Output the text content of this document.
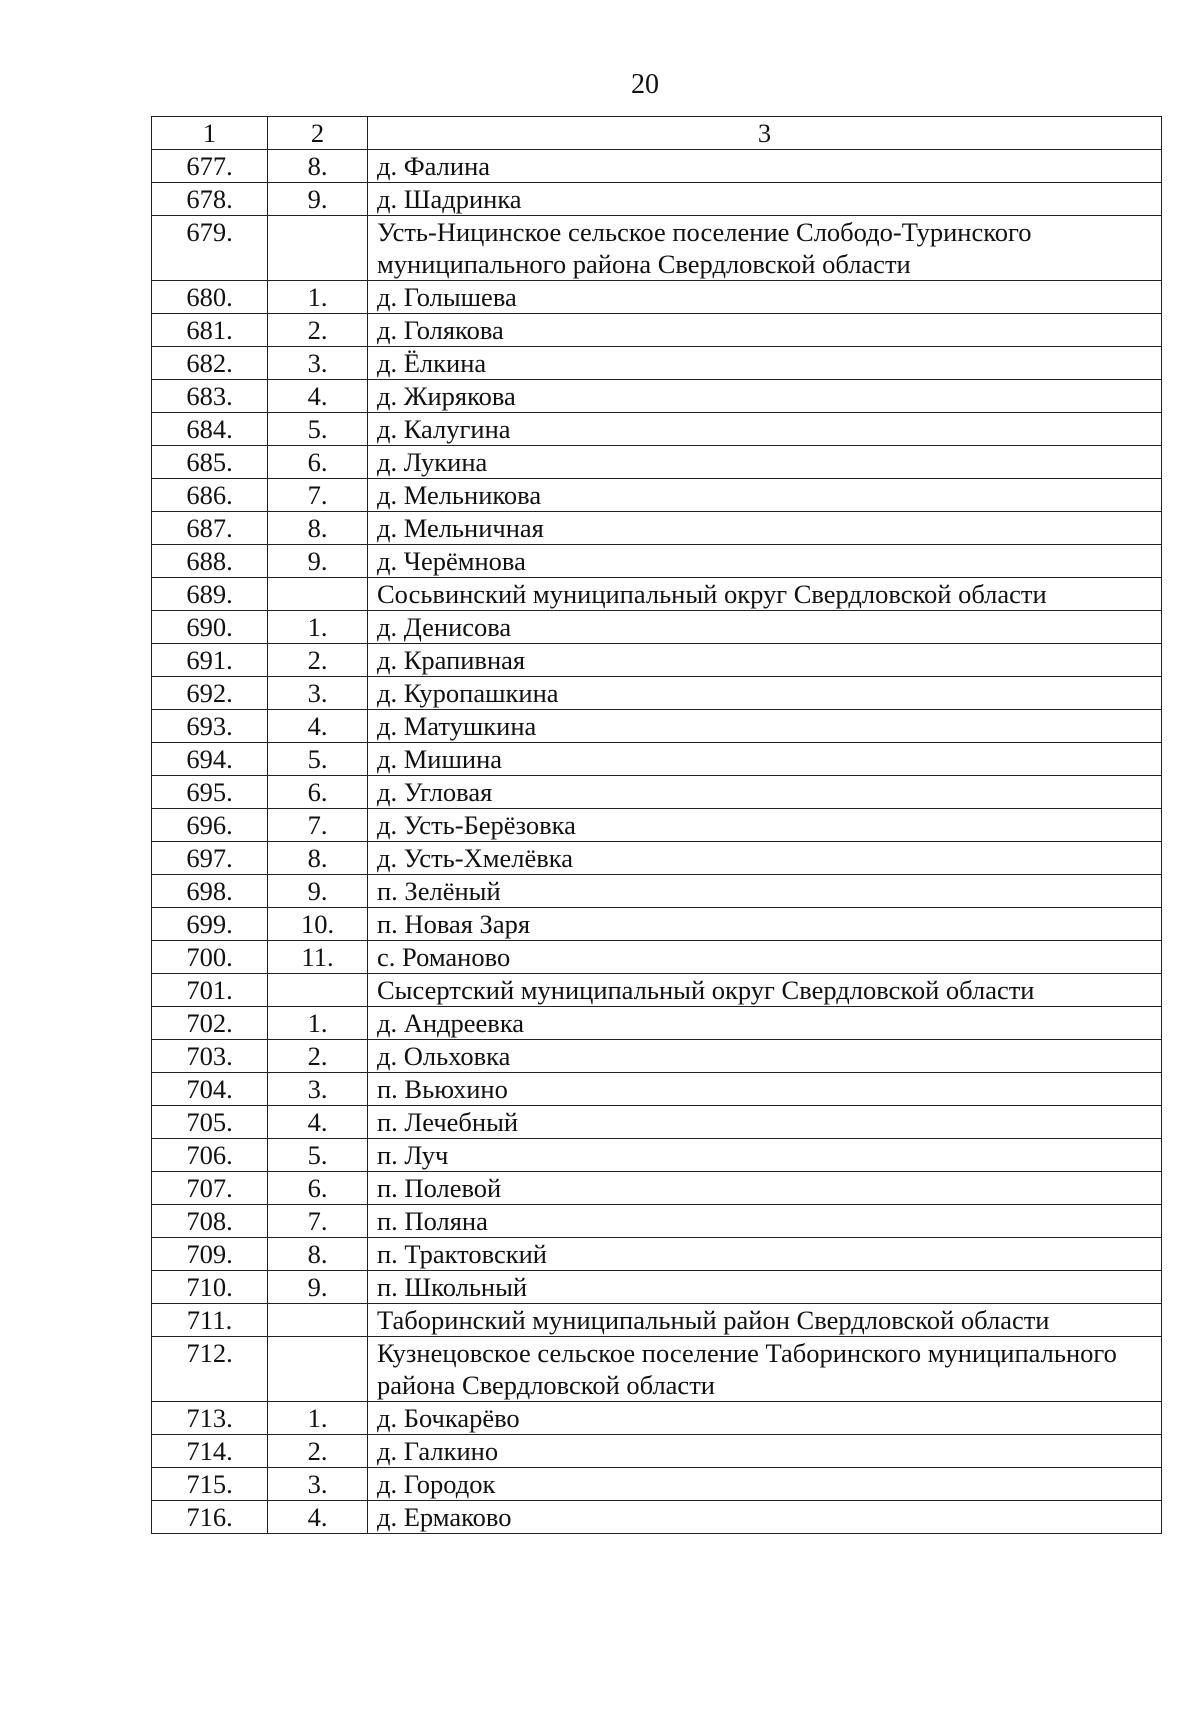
20
1	2	3
677.	8.	д. Фалина
678.	9.	д. Шадринка
679.		Усть-Ницинское сельское поселение Слободо-Туринского муниципального района Свердловской области
680.	1.	д. Голышева
681.	2.	д. Голякова
682.	3.	д. Ёлкина
683.	4.	д. Жирякова
684.	5.	д. Калугина
685.	6.	д. Лукина
686.	7.	д. Мельникова
687.	8.	д. Мельничная
688.	9.	д. Черёмнова
689.		Сосьвинский муниципальный округ Свердловской области
690.	1.	д. Денисова
691.	2.	д. Крапивная
692.	3.	д. Куропашкина
693.	4.	д. Матушкина
694.	5.	д. Мишина
695.	6.	д. Угловая
696.	7.	д. Усть-Берёзовка
697.	8.	д. Усть-Хмелёвка
698.	9.	п. Зелёный
699.	10.	п. Новая Заря
700.	11.	с. Романово
701.		Сысертский муниципальный округ Свердловской области
702.	1.	д. Андреевка
703.	2.	д. Ольховка
704.	3.	п. Вьюхино
705.	4.	п. Лечебный
706.	5.	п. Луч
707.	6.	п. Полевой
708.	7.	п. Поляна
709.	8.	п. Трактовский
710.	9.	п. Школьный
711.		Таборинский муниципальный район Свердловской области
712.		Кузнецовское сельское поселение Таборинского муниципального района Свердловской области
713.	1.	д. Бочкарёво
714.	2.	д. Галкино
715.	3.	д. Городок
716.	4.	д. Ермаково
